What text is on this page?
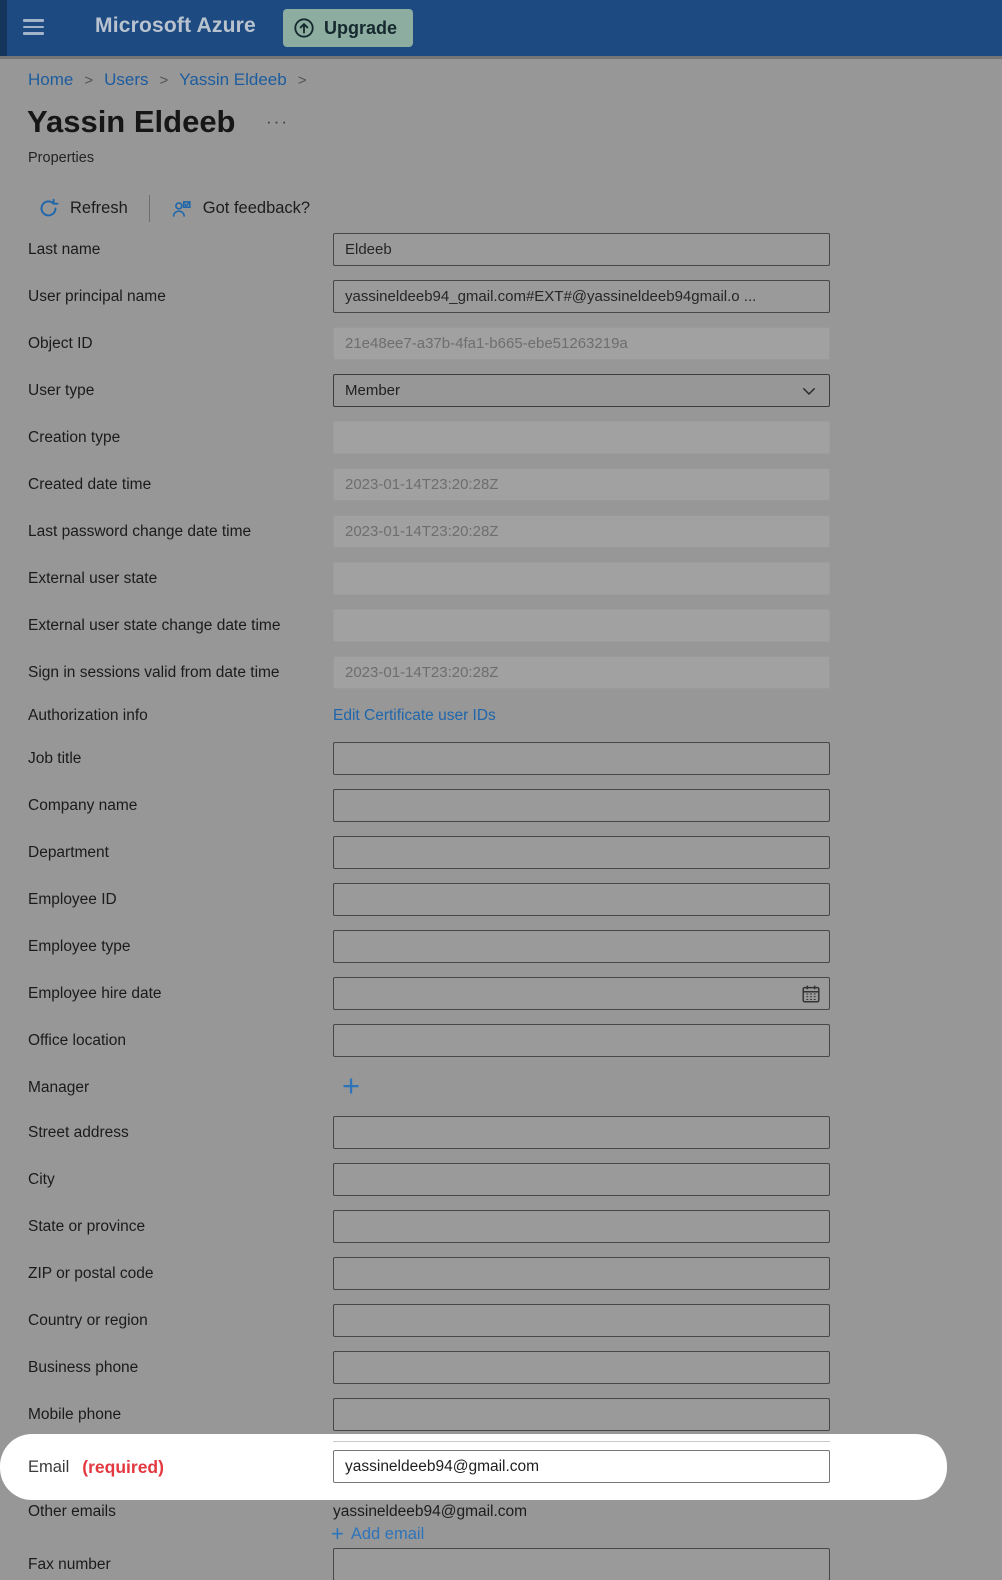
Microsoft Azure	Upgrade
Home > Users > Yassin Eldeeb >
Yassin Eldeeb ···
Properties
Refresh	Got feedback?
Last name	Eldeeb
User principal name	yassineldeeb94_gmail.com#EXT#@yassineldeeb94gmail.o ...
Object ID	21e48ee7-a37b-4fa1-b665-ebe51263219a
User type	Member
Creation type
Created date time	2023-01-14T23:20:28Z
Last password change date time	2023-01-14T23:20:28Z
External user state
External user state change date time
Sign in sessions valid from date time	2023-01-14T23:20:28Z
Authorization info	Edit Certificate user IDs
Job title
Company name
Department
Employee ID
Employee type
Employee hire date
Office location
Manager	+
Street address
City
State or province
ZIP or postal code
Country or region
Business phone
Mobile phone
Email (required)	yassineldeeb94@gmail.com
Other emails	yassineldeeb94@gmail.com
+ Add email
Fax number
